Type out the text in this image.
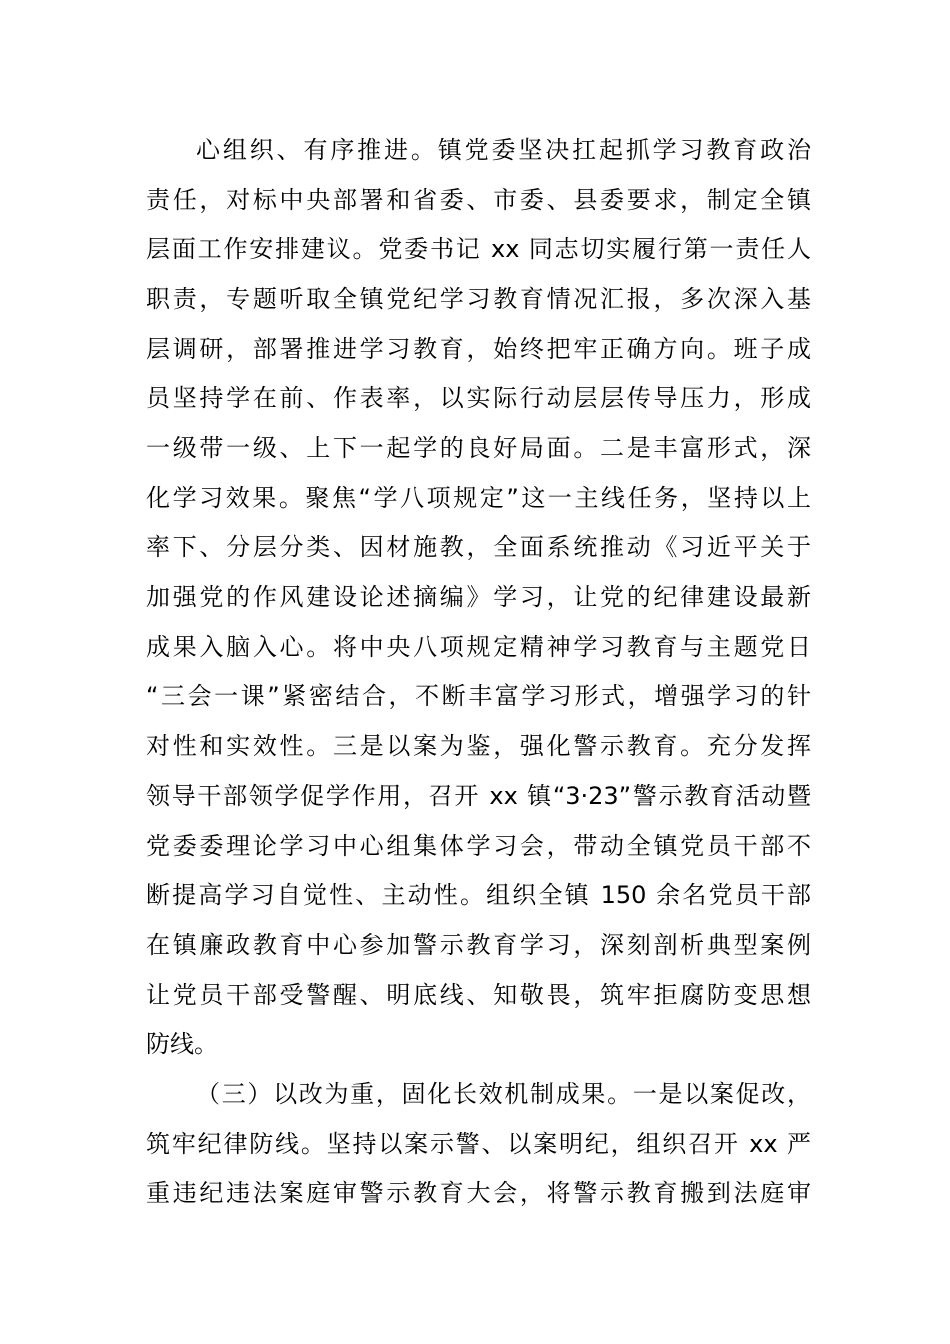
心组织、有序推进。镇党委坚决扛起抓学习教育政治
责任，对标中央部署和省委、市委、县委要求，制定全镇
层面工作安排建议。党委书记 xx 同志切实履行第一责任人
职责，专题听取全镇党纪学习教育情况汇报，多次深入基
层调研，部署推进学习教育，始终把牢正确方向。班子成
员坚持学在前、作表率，以实际行动层层传导压力，形成
一级带一级、上下一起学的良好局面。二是丰富形式，深
化学习效果。聚焦“学八项规定”这一主线任务，坚持以上
率下、分层分类、因材施教，全面系统推动《习近平关于
加强党的作风建设论述摘编》学习，让党的纪律建设最新
成果入脑入心。将中央八项规定精神学习教育与主题党日
“三会一课”紧密结合，不断丰富学习形式，增强学习的针
对性和实效性。三是以案为鉴，强化警示教育。充分发挥
领导干部领学促学作用，召开 xx 镇“3·23”警示教育活动暨
党委委理论学习中心组集体学习会，带动全镇党员干部不
断提高学习自觉性、主动性。组织全镇 150 余名党员干部
在镇廉政教育中心参加警示教育学习，深刻剖析典型案例
让党员干部受警醒、明底线、知敬畏，筑牢拒腐防变思想
防线。
（三）以改为重，固化长效机制成果。一是以案促改，
筑牢纪律防线。坚持以案示警、以案明纪，组织召开 xx 严
重违纪违法案庭审警示教育大会，将警示教育搬到法庭审
